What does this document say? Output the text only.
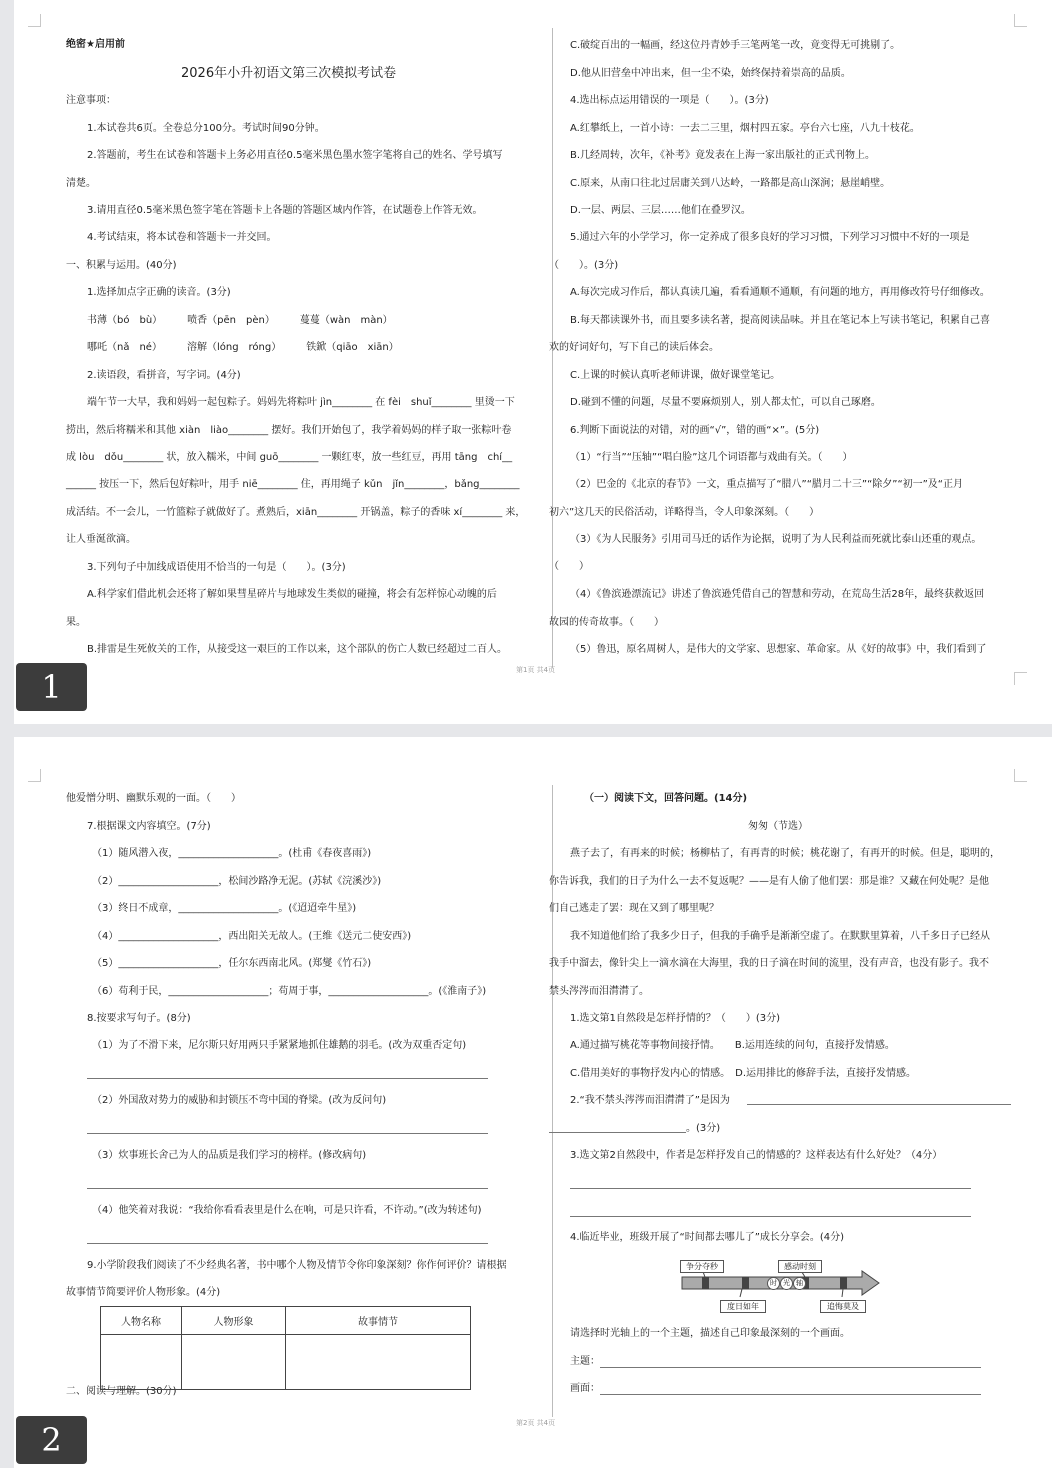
绝密★启用前
2026年小升初语文第三次模拟考试卷
注意事项：
1.本试卷共6页。全卷总分100分。考试时间90分钟。
2.答题前，考生在试卷和答题卡上务必用直径0.5毫米黑色墨水签字笔将自己的姓名、学号填写
清楚。
3.请用直径0.5毫米黑色签字笔在答题卡上各题的答题区域内作答，在试题卷上作答无效。
4.考试结束，将本试卷和答题卡一并交回。
一、积累与运用。(40分)
1.选择加点字正确的读音。(3分)
书薄（bó　bù）　　　喷香（pēn　pèn）　　　蔓蔓（wàn　màn）
哪吒（nǎ　né）　　　溶解（lóng　róng）　　　铁鍁（qiāo　xiān）
2.读语段，看拼音，写字词。(4分)
端午节一大早，我和妈妈一起包粽子。妈妈先将粽叶 jìn________ 在 fèi　shuǐ________ 里烫一下
捞出，然后将糯米和其他 xiàn　liào________ 摆好。我们开始包了，我学着妈妈的样子取一张粽叶卷
成 lòu　dǒu________ 状，放入糯米，中间 guō________ 一颗红枣，放一些红豆，再用 tāng　chí__
______ 按压一下，然后包好粽叶，用手 niē________ 住，再用绳子 kǔn　jǐn________，bǎng________
成活结。不一会儿，一竹篮粽子就做好了。煮熟后，xiān________ 开锅盖，粽子的香味 xí________ 来，
让人垂涎欲滴。
3.下列句子中加线成语使用不恰当的一句是（　　）。(3分)
A.科学家们借此机会还将了解如果彗星碎片与地球发生类似的碰撞，将会有怎样惊心动魄的后
果。
B.排雷是生死攸关的工作，从接受这一艰巨的工作以来，这个部队的伤亡人数已经超过二百人。
C.破绽百出的一幅画，经这位丹青妙手三笔两笔一改，竟变得无可挑剔了。
D.他从旧营垒中冲出来，但一尘不染，始终保持着崇高的品质。
4.选出标点运用错误的一项是（　　）。(3分)
A.红攀纸上，一首小诗：一去二三里，烟村四五家。亭台六七座，八九十枝花。
B.几经周转，次年，《补考》竟发表在上海一家出版社的正式刊物上。
C.原来，从南口往北过居庸关到八达岭，一路都是高山深涧；悬崖峭壁。
D.一层、两层、三层……他们在叠罗汉。
5.通过六年的小学学习，你一定养成了很多良好的学习习惯，下列学习习惯中不好的一项是
（　　）。(3分)
A.每次完成习作后，都认真读几遍，看看通顺不通顺，有问题的地方，再用修改符号仔细修改。
B.每天都读课外书，而且要多读名著，提高阅读品味。并且在笔记本上写读书笔记，积累自己喜
欢的好词好句，写下自己的读后体会。
C.上课的时候认真听老师讲课，做好课堂笔记。
D.碰到不懂的问题，尽量不要麻烦别人，别人都太忙，可以自己琢磨。
6.判断下面说法的对错，对的画“√”，错的画“×”。(5分)
（1）“行当”“压轴”“唱白脸”这几个词语都与戏曲有关。（　　）
（2）巴金的《北京的春节》一文，重点描写了“腊八”“腊月二十三”“除夕”“初一”及“正月
初六”这几天的民俗活动，详略得当，令人印象深刻。（　　）
（3）《为人民服务》引用司马迁的话作为论据，说明了为人民利益而死就比泰山还重的观点。
（　　）
（4）《鲁滨逊漂流记》讲述了鲁滨逊凭借自己的智慧和劳动，在荒岛生活28年，最终获救返回
故园的传奇故事。（　　）
（5）鲁迅，原名周树人，是伟大的文学家、思想家、革命家。从《好的故事》中，我们看到了
第1页 共4页
1
他爱憎分明、幽默乐观的一面。（　　）
7.根据课文内容填空。(7分)
（1）随风潜入夜，____________________。(杜甫《春夜喜雨》)
（2）____________________，松间沙路净无泥。(苏轼《浣溪沙》)
（3）终日不成章，____________________。(《迢迢牵牛星》)
（4）____________________，西出阳关无故人。(王维《送元二使安西》)
（5）____________________，任尔东西南北风。(郑燮《竹石》)
（6）苟利于民，____________________；苟周于事，____________________。(《淮南子》)
8.按要求写句子。(8分)
（1）为了不滑下来，尼尔斯只好用两只手紧紧地抓住雄鹅的羽毛。(改为双重否定句)
（2）外国敌对势力的威胁和封锁压不弯中国的脊梁。(改为反问句)
（3）炊事班长舍己为人的品质是我们学习的榜样。(修改病句)
（4）他笑着对我说：“我给你看看表里是什么在响，可是只许看，不许动。”(改为转述句)
9.小学阶段我们阅读了不少经典名著，书中哪个人物及情节令你印象深刻？你作何评价？请根据
故事情节简要评价人物形象。(4分)
二、阅读与理解。(30分)
（一）阅读下文，回答问题。(14分)
匆匆（节选）
燕子去了，有再来的时候；杨柳枯了，有再青的时候；桃花谢了，有再开的时候。但是，聪明的，
你告诉我，我们的日子为什么一去不复返呢？——是有人偷了他们罢：那是谁？又藏在何处呢？是他
们自己逃走了罢：现在又到了哪里呢？
我不知道他们给了我多少日子，但我的手确乎是渐渐空虚了。在默默里算着，八千多日子已经从
我手中溜去，像针尖上一滴水滴在大海里，我的日子滴在时间的流里，没有声音，也没有影子。我不
禁头涔涔而泪潸潸了。
1.选文第1自然段是怎样抒情的？（　　）(3分)
A.通过描写桃花等事物间接抒情。　　B.运用连续的问句，直接抒发情感。
C.借用美好的事物抒发内心的情感。　D.运用排比的修辞手法，直接抒发情感。
2.“我不禁头涔涔而泪潸潸了”是因为
。(3分)
3.选文第2自然段中，作者是怎样抒发自己的情感的？这样表达有什么好处？（4分）
4.临近毕业，班级开展了“时间都去哪儿了”成长分享会。(4分)
请选择时光轴上的一个主题，描述自己印象最深刻的一个画面。
主题：
画面：
人物名称	人物形象	故事情节

争分夺秒	感动时刻
度日如年	追悔莫及
时 光 轴
第2页 共4页
2
